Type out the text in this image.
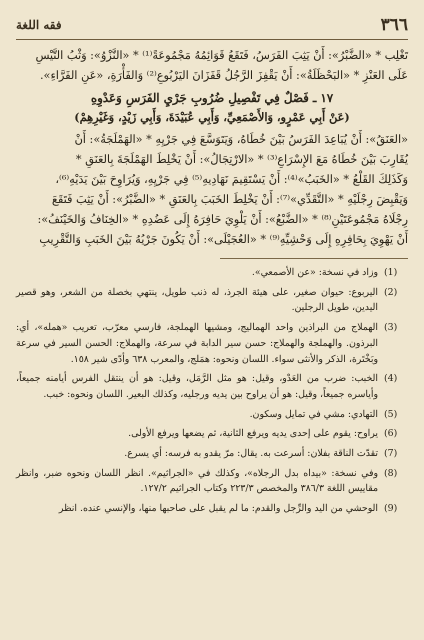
٣٦٦
فقه اللغة

تَغْلِب * «الضَّبْرُ»: أَنْ يَثِبَ الفَرَسُ، فَتَقَعُ قَوَائِمُهُ مَجْمُوعَةً⁽¹⁾ * «النَّزْوُ»: وَثْبُ التَّيْسِ

عَلَى العَنْزِ * «البَحْظَلَةُ»: أَنْ يَقْفِزَ الرَّجُلُ قَفَزَانَ اليَرْبُوعِ⁽²⁾ وَالفَأْرَةِ، «عَنِ الفَرَّاءِ».

١٧ ـ فَصْلٌ فِي تَفْصِيلِ ضُرُوبِ جَرْيِ الفَرَسِ وَعَدْوِهِ
(عَنْ أَبِي عَمْرٍو، وَالأَصْمَعِيِّ، وَأَبِي عُبَيْدَةَ، وَأَبِي زَيْدٍ، وَغَيْرِهِمْ)

«العَنَقُ»: أَنْ يُبَاعِدَ الفَرَسُ بَيْنَ خُطَاهُ، وَيَتَوَسَّعَ فِي جَرْيِهِ * «الهَمْلَجَةُ»: أَنْ

يُقَارِبَ بَيْنَ خُطَاهُ مَعَ الإِسْرَاعِ⁽³⁾ * «الارْتِجَالُ»: أَنْ يَخْلِطَ الهَمْلَجَةَ بِالعَنَقِ *

وَكَذَلِكَ القَلْعُ * «الخَبَبُ»⁽⁴⁾: أَنْ يَسْتَقِيمَ نَهَادِيهِ⁽⁵⁾ فِي جَرْيِهِ، وَيُرَاوِحَ بَيْنَ يَدَيْهِ⁽⁶⁾،

وَيَقْبِضَ رِجْلَيْهِ * «التَّقَدِّي»⁽⁷⁾: أَنْ يَخْلِطَ الخَبَبَ بِالعَنَقِ * «الضَّبْرُ»: أَنْ يَثِبَ فَتَقَعَ

رِجْلَاهُ مَجْمُوعَتَيْنِ⁽⁸⁾ * «الضَّبْعُ»: أَنْ يَلْوِيَ حَافِرَهُ إِلَى عَضُدِهِ * «الخِنَافُ وَالخَيْنَفُ»:

أَنْ يَهْوِيَ بِحَافِرِهِ إِلَى وَحْشِيِّهِ⁽⁹⁾ * «العُجَيْلَى»: أَنْ يَكُونَ جَرْيُهُ بَيْنَ الخَبَبِ وَالتَّقْرِيبِ

(1)
وزاد في نسخة: «عن الأصمعي».
(2)
اليربوع: حيوان صغير، على هيئة الجرذ، له ذنب طويل، ينتهي بخصلة من الشعر، وهو قصير اليدين، طويل الرجلين.
(3)
الهملاج من البراذين واحد الهماليج، ومشيها الهملجة، فارسي معرّب، تعريب «همله»، أي: البرذون. والهملجة والهملاج: حسن سير الدابة في سرعة، والهملاج: الحسن السير في سرعة وبَخْتَرة، الذكر والأنثى سواء. اللسان ونحوه: همَلج، والمعرب ٦٣٨ وأدّى شير ١٥٨.
(4)
الخبب: ضرب من العَدْو، وقيل: هو مثل الرَّمَل، وقيل: هو أن ينتقل الفرس أيامنه جميعاً، وأياسره جميعاً، وقيل: هو أن يراوح بين يديه ورجليه، وكذلك البعير. اللسان ونحوه: خبب.
(5)
التهادي: مشي في تمايل وسكون.
(6)
يراوح: يقوم على إحدى يديه ويرفع الثانية، ثم يضعها ويرفع الأولى.
(7)
تقدّت الناقة بفلان: أسرعت به. يقال: مرّ يقدو به فرسه: أي يسرع.
(8)
وفي نسخة: «بيداه بدل الرجلاه»، وكذلك في «الجراثيم». انظر اللسان ونحوه ضبر، وانظر مقاييس اللغة ٣٨٦/٣ والمخصص ٢٢٣/٣ وكتاب الجراثيم ١٢٧/٢.
(9)
الوحشي من اليد والرِّجل والقدم: ما لم يقبل على صاحبها منها، والإنسي عنده. انظر
